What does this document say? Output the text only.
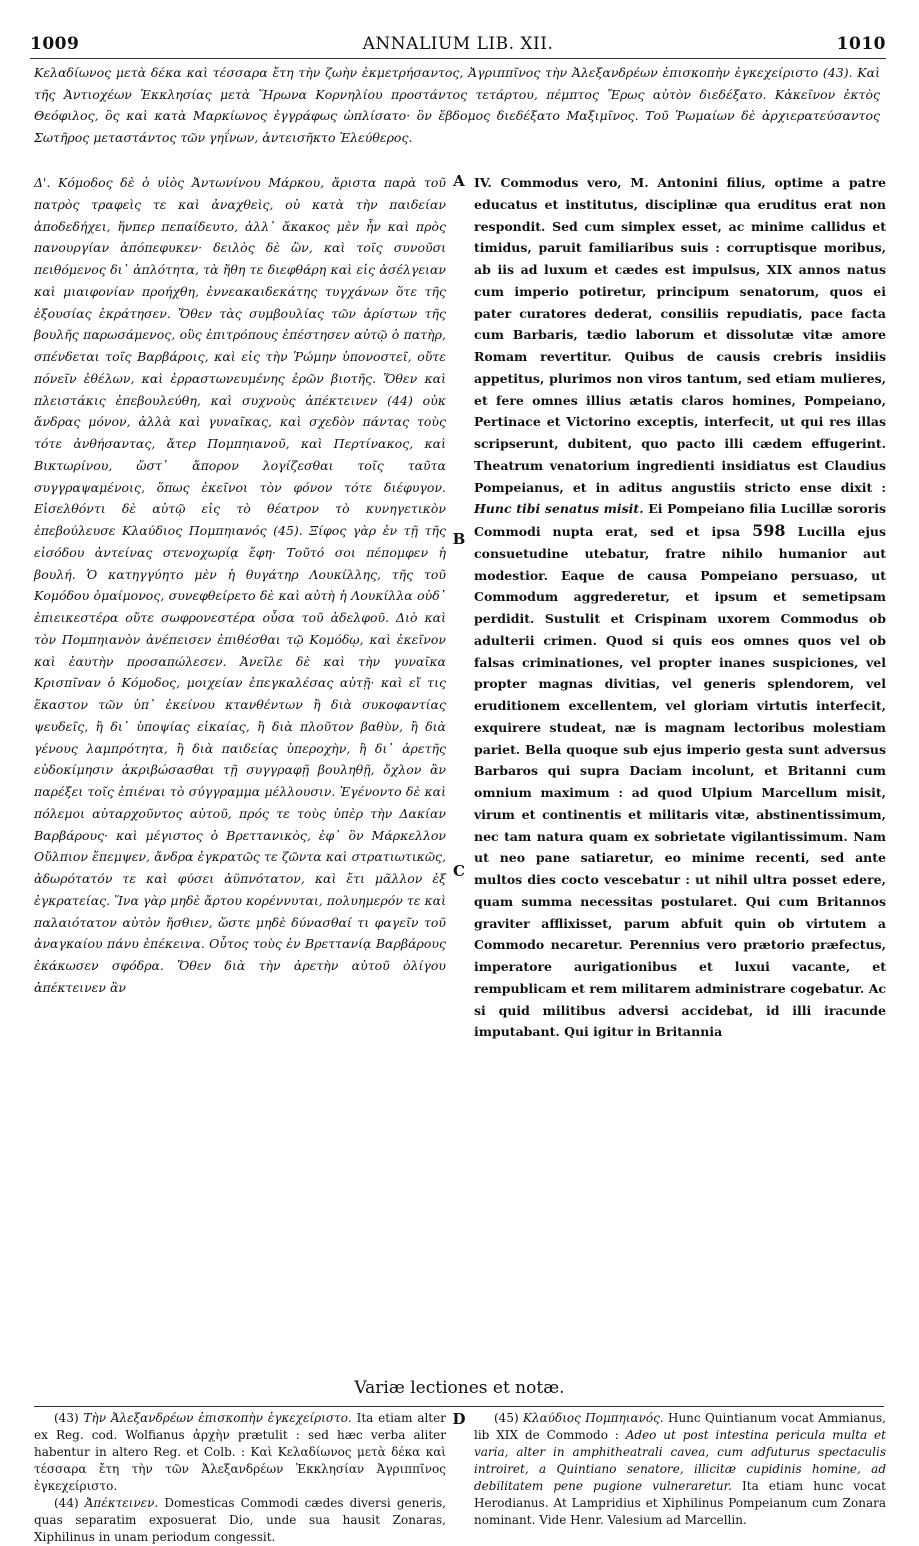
1009	ANNALIUM LIB. XII.	1010
Κελαδίωνος μετὰ δέκα καὶ τέσσαρα ἔτη τὴν ζωὴν ἐκμετρήσαντος, Ἀγριππῖνος τὴν Ἀλεξανδρέων ἐπισκοπὴν ἐγκεχείριστο (43). Καὶ τῆς Ἀντιοχέων Ἐκκλησίας μετὰ Ἥρωνα Κορνηλίου προστάντος τετάρτου, πέμπτος Ἔρως αὐτὸν διεδέξατο. Κἀκεῖνον ἐκτὸς Θεόφιλος, ὃς καὶ κατὰ Μαρκίωνος ἐγγράφως ὡπλίσατο· ὃν ἕβδομος διεδέξατο Μαξιμῖνος. Τοῦ Ῥωμαίων δὲ ἀρχιερατεύσαντος Σωτῆρος μεταστάντος τῶν γηΐνων, ἀντεισῆκτο Ἐλεύθερος.
Δ'. Κόμοδος δὲ ὁ υἱὸς Ἀντωνίνου Μάρκου, ἄριστα παρὰ τοῦ πατρὸς τραφεὶς τε καὶ ἀναχθεὶς, οὐ κατὰ τὴν παιδείαν ἀποδεδήχει, ἥνπερ πεπαίδευτο, ἀλλ᾽ ἄκακος μὲν ἦν καὶ πρὸς πανουργίαν ἀπόπεφυκεν· δειλὸς δὲ ὢν, καὶ τοῖς συνοῦσι πειθόμενος δι᾽ ἁπλότητα, τὰ ἤθη τε διεφθάρη καὶ εἰς ἀσέλγειαν καὶ μιαιφονίαν προήχθη, ἐννεακαιδεκάτης τυγχάνων ὅτε τῆς ἐξουσίας ἐκράτησεν. Ὅθεν τὰς συμβουλίας τῶν ἀρίστων τῆς βουλῆς παρωσάμενος, οὓς ἐπιτρόπους ἐπέστησεν αὐτῷ ὁ πατὴρ, σπένδεται τοῖς Βαρβάροις, καὶ εἰς τὴν Ῥώμην ὑπονοστεῖ, οὔτε πόνεῖν ἐθέλων, καὶ ἐρραστωνευμένης ἐρῶν βιοτῆς. Ὅθεν καὶ πλειστάκις ἐπεβουλεύθη, καὶ συχνοὺς ἀπέκτεινεν (44) οὐκ ἄνδρας μόνον, ἀλλὰ καὶ γυναῖκας, καὶ σχεδὸν πάντας τοὺς τότε ἀνθήσαντας, ἄτερ Πομπηιανοῦ, καὶ Περτίνακος, καὶ Βικτωρίνου, ὥστ᾽ ἄπορον λογίζεσθαι τοῖς ταῦτα συγγραψαμένοις, ὅπως ἐκεῖνοι τὸν φόνον τότε διέφυγον. Εἰσελθόντι δὲ αὐτῷ εἰς τὸ θέατρον τὸ κυνηγετικὸν ἐπεβούλευσε Κλαύδιος Πομπηιανός (45). Ξίφος γὰρ ἐν τῇ τῆς εἰσόδου ἀντείνας στενοχωρίᾳ ἔφη· Τοῦτό σοι πέπομφεν ἡ βουλή. Ὁ κατηγγύητο μὲν ἡ θυγάτηρ Λουκίλλης, τῆς τοῦ Κομόδου ὁμαίμονος, συνεφθείρετο δὲ καὶ αὐτὴ ἡ Λουκίλλα οὐδ᾽ ἐπιεικεστέρα οὔτε σωφρονεστέρα οὖσα τοῦ ἀδελφοῦ. Διὸ καὶ τὸν Πομπηιανὸν ἀνέπεισεν ἐπιθέσθαι τῷ Κομόδῳ, καὶ ἐκεῖνον καὶ ἑαυτὴν προσαπώλεσεν. Ἀνεῖλε δὲ καὶ τὴν γυναῖκα Κρισπῖναν ὁ Κόμοδος, μοιχείαν ἐπεγκαλέσας αὐτῇ· καὶ εἴ τις ἕκαστον τῶν ὑπ᾽ ἐκείνου κτανθέντων ἢ διὰ συκοφαντίας ψευδεῖς, ἢ δι᾽ ὑποψίας εἰκαίας, ἢ διὰ πλοῦτον βαθὺν, ἢ διὰ γένους λαμπρότητα, ἢ διὰ παιδείας ὑπεροχὴν, ἢ δι᾽ ἀρετῆς εὐδοκίμησιν ἀκριβώσασθαι τῇ συγγραφῇ βουληθῇ, ὄχλον ἂν παρέξει τοῖς ἐπιέναι τὸ σύγγραμμα μέλλουσιν. Ἐγένοντο δὲ καὶ πόλεμοι αὐταρχοῦντος αὐτοῦ, πρός τε τοὺς ὑπὲρ τὴν Δακίαν Βαρβάρους· καὶ μέγιστος ὁ Βρεττανικὸς, ἐφ᾽ ὃν Μάρκελλον Οὔλπιον ἔπεμψεν, ἄνδρα ἐγκρατῶς τε ζῶντα καὶ στρατιωτικῶς, ἀδωρότατόν τε καὶ φύσει ἀϋπνότατον, καὶ ἔτι μᾶλλον ἐξ ἐγκρατείας. Ἵνα γὰρ μηδὲ ἄρτου κορέννυται, πολυημερόν τε καὶ παλαιότατον αὐτὸν ἤσθιεν, ὥστε μηδὲ δύνασθαί τι φαγεῖν τοῦ ἀναγκαίου πάνυ ἐπέκεινα. Οὗτος τοὺς ἐν Βρεττανίᾳ Βαρβάρους ἐκάκωσεν σφόδρα. Ὅθεν διὰ τὴν ἀρετὴν αὐτοῦ ὀλίγου ἀπέκτεινεν ἂν
A
B
C
D
IV. Commodus vero, M. Antonini filius, optime a patre educatus et institutus, disciplinæ qua eruditus erat non respondit. Sed cum simplex esset, ac minime callidus et timidus, paruit familiaribus suis : corruptisque moribus, ab iis ad luxum et cædes est impulsus, XIX annos natus cum imperio potiretur, principum senatorum, quos ei pater curatores dederat, consiliis repudiatis, pace facta cum Barbaris, tædio laborum et dissolutæ vitæ amore Romam revertitur. Quibus de causis crebris insidiis appetitus, plurimos non viros tantum, sed etiam mulieres, et fere omnes illius ætatis claros homines, Pompeiano, Pertinace et Victorino exceptis, interfecit, ut qui res illas scripserunt, dubitent, quo pacto illi cædem effugerint. Theatrum venatorium ingredienti insidiatus est Claudius Pompeianus, et in aditus angustiis stricto ense dixit : Hunc tibi senatus misit. Ei Pompeiano filia Lucillæ sororis Commodi nupta erat, sed et ipsa 598 Lucilla ejus consuetudine utebatur, fratre nihilo humanior aut modestior. Eaque de causa Pompeiano persuaso, ut Commodum aggrederetur, et ipsum et semetipsam perdidit. Sustulit et Crispinam uxorem Commodus ob adulterii crimen. Quod si quis eos omnes quos vel ob falsas criminationes, vel propter inanes suspiciones, vel propter magnas divitias, vel generis splendorem, vel eruditionem excellentem, vel gloriam virtutis interfecit, exquirere studeat, næ is magnam lectoribus molestiam pariet. Bella quoque sub ejus imperio gesta sunt adversus Barbaros qui supra Daciam incolunt, et Britanni cum omnium maximum : ad quod Ulpium Marcellum misit, virum et continentis et militaris vitæ, abstinentissimum, nec tam natura quam ex sobrietate vigilantissimum. Nam ut neo pane satiaretur, eo minime recenti, sed ante multos dies cocto vescebatur : ut nihil ultra posset edere, quam summa necessitas postularet. Qui cum Britannos graviter afflixisset, parum abfuit quin ob virtutem a Commodo necaretur. Perennius vero prætorio præfectus, imperatore aurigationibus et luxui vacante, et rempublicam et rem militarem administrare cogebatur. Ac si quid militibus adversi accidebat, id illi iracunde imputabant. Qui igitur in Britannia
Variæ lectiones et notæ.

(43) Τὴν Ἀλεξανδρέων ἐπισκοπὴν ἐγκεχείριστο. Ita etiam alter ex Reg. cod. Wolfianus ἀρχὴν prætulit : sed hæc verba aliter habentur in altero Reg. et Colb. : Καὶ Κελαδίωνος μετὰ δέκα καὶ τέσσαρα ἔτη τὴν τῶν Ἀλεξανδρέων Ἐκκλησίαν Ἀγριππῖνος ἐγκεχείριστο.

(44) Ἀπέκτεινεν. Domesticas Commodi cædes diversi generis, quas separatim exposuerat Dio, unde sua hausit Zonaras, Xiphilinus in unam periodum congessit.

(45) Κλαύδιος Πομπηιανός. Hunc Quintianum vocat Ammianus, lib XIX de Commodo : Adeo ut post intestina pericula multa et varia, alter in amphitheatrali cavea, cum adfuturus spectaculis introiret, a Quintiano senatore, illicitæ cupidinis homine, ad debilitatem pene pugione vulneraretur. Ita etiam hunc vocat Herodianus. At Lampridius et Xiphilinus Pompeianum cum Zonara nominant. Vide Henr. Valesium ad Marcellin.
